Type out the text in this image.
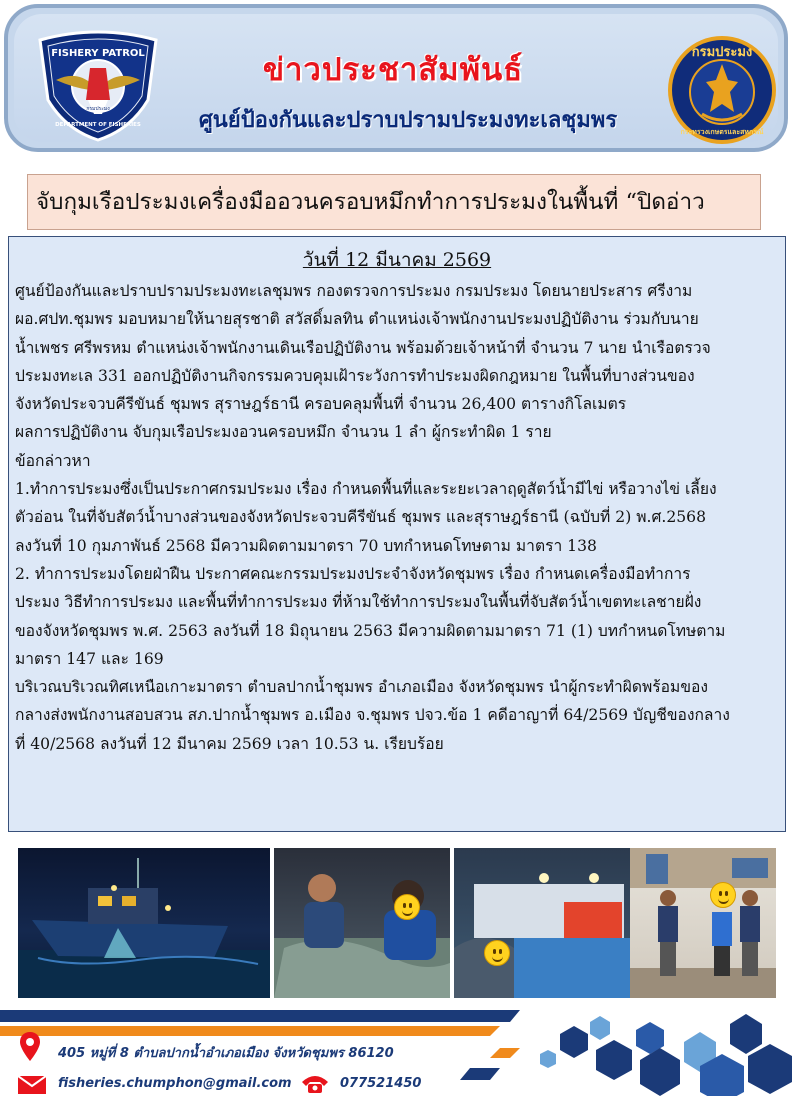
FISHERY PATROL
DEPARTMENT OF FISHERIES
กรมประมง
ข่าวประชาสัมพันธ์
ศูนย์ป้องกันและปราบปรามประมงทะเลชุมพร
กรมประมง
กระทรวงเกษตรและสหกรณ์
จับกุมเรือประมงเครื่องมืออวนครอบหมึกทำการประมงในพื้นที่ “ปิดอ่าว
วันที่ 12 มีนาคม 2569

ศูนย์ป้องกันและปราบปรามประมงทะเลชุมพร กองตรวจการประมง กรมประมง โดยนายประสาร ศรีงาม

ผอ.ศปท.ชุมพร มอบหมายให้นายสุรชาติ สวัสดิ์มลทิน ตำแหน่งเจ้าพนักงานประมงปฏิบัติงาน ร่วมกับนาย

น้ำเพชร ศรีพรหม ตำแหน่งเจ้าพนักงานเดินเรือปฏิบัติงาน พร้อมด้วยเจ้าหน้าที่ จำนวน 7 นาย นำเรือตรวจ

ประมงทะเล 331 ออกปฏิบัติงานกิจกรรมควบคุมเฝ้าระวังการทำประมงผิดกฎหมาย ในพื้นที่บางส่วนของ

จังหวัดประจวบคีรีขันธ์ ชุมพร สุราษฎร์ธานี ครอบคลุมพื้นที่ จำนวน 26,400 ตารางกิโลเมตร

ผลการปฏิบัติงาน จับกุมเรือประมงอวนครอบหมึก จำนวน 1 ลำ ผู้กระทำผิด 1 ราย

ข้อกล่าวหา

1.ทำการประมงซึ่งเป็นประกาศกรมประมง เรื่อง กำหนดพื้นที่และระยะเวลาฤดูสัตว์น้ำมีไข่ หรือวางไข่ เลี้ยง

ตัวอ่อน ในที่จับสัตว์น้ำบางส่วนของจังหวัดประจวบคีรีขันธ์ ชุมพร และสุราษฎร์ธานี (ฉบับที่ 2) พ.ศ.2568

ลงวันที่ 10 กุมภาพันธ์ 2568 มีความผิดตามมาตรา 70 บทกำหนดโทษตาม มาตรา 138

2. ทำการประมงโดยฝ่าฝืน ประกาศคณะกรรมประมงประจำจังหวัดชุมพร เรื่อง กำหนดเครื่องมือทำการ

ประมง วิธีทำการประมง และพื้นที่ทำการประมง ที่ห้ามใช้ทำการประมงในพื้นที่จับสัตว์น้ำเขตทะเลชายฝั่ง

ของจังหวัดชุมพร พ.ศ. 2563 ลงวันที่ 18 มิถุนายน 2563 มีความผิดตามมาตรา 71 (1) บทกำหนดโทษตาม

มาตรา 147 และ 169

บริเวณบริเวณทิศเหนือเกาะมาตรา ตำบลปากน้ำชุมพร อำเภอเมือง จังหวัดชุมพร นำผู้กระทำผิดพร้อมของ

กลางส่งพนักงานสอบสวน สภ.ปากน้ำชุมพร อ.เมือง จ.ชุมพร ปจว.ข้อ 1 คดีอาญาที่ 64/2569 บัญชีของกลาง

ที่ 40/2568 ลงวันที่ 12 มีนาคม 2569 เวลา 10.53 น. เรียบร้อย

405 หมู่ที่ 8 ตำบลปากน้ำอำเภอเมือง จังหวัดชุมพร 86120
fisheries.chumphon@gmail.com	077521450
